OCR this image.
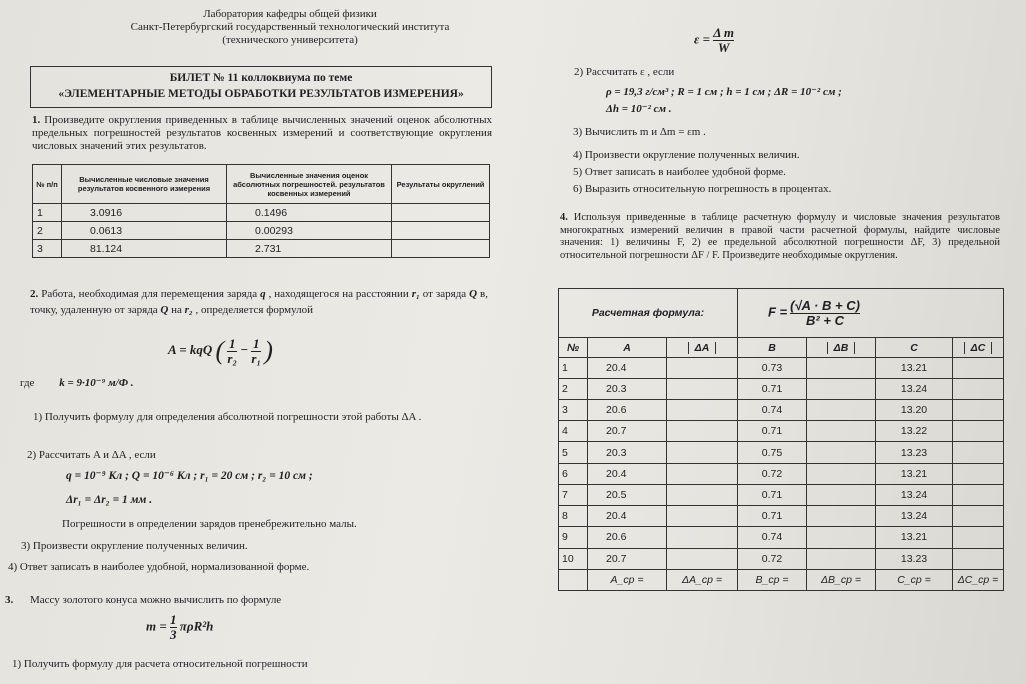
Лаборатория кафедры общей физики
Санкт-Петербургский государственный технологический института
(технического университета)
БИЛЕТ № 11 коллоквиума по теме
«ЭЛЕМЕНТАРНЫЕ МЕТОДЫ ОБРАБОТКИ РЕЗУЛЬТАТОВ ИЗМЕРЕНИЯ»
1. Произведите округления приведенных в таблице вычисленных значений оценок абсолютных предельных погрешностей результатов косвенных измерений и соответствующие округления числовых значений этих результатов.
№ п/п	Вычисленные числовые значения результатов косвенного измерения	Вычисленные значения оценок абсолютных погрешностей. результатов косвенных измерений	Результаты округлений
1	3.0916	0.1496	
2	0.0613	0.00293	
3	81.124	2.731	
2. Работа, необходимая для перемещения заряда q , находящегося на расстоянии r₁ от заряда Q в, точку, удаленную от заряда Q на r₂ , определяется формулой
A = kqQ ( $\frac{1}{\text{r₂}} - \frac{1}{\text{r₁}}$ )
где k = 9·10⁻⁹ м/Ф .
1) Получить формулу для определения абсолютной погрешности этой работы ΔA .
2) Рассчитать A и ΔA , если
q = 10⁻⁹ Кл ; Q = 10⁻⁶ Кл ; r₁ = 20 см ; r₂ = 10 см ;
Δr₁ = Δr₂ = 1 мм .
Погрешности в определении зарядов пренебрежительно малы.
3) Произвести округление полученных величин.
4) Ответ записать в наиболее удобной, нормализованной форме.
3. Массу золотого конуса можно вычислить по формуле
$m = \frac{1}{3} \pi\rho R^2h$
1) Получить формулу для расчета относительной погрешности
$\varepsilon = \frac{\text{Δ m}}{W}$
2) Рассчитать ε , если
ρ = 19,3 г/см³ ; R = 1 см ; h = 1 см ; ΔR = 10⁻² см ;
Δh = 10⁻² см .
3) Вычислить m и Δm = εm .
4) Произвести округление полученных величин.
5) Ответ записать в наиболее удобной форме.
6) Выразить относительную погрешность в процентах.
4. Используя приведенные в таблице расчетную формулу и числовые значения результатов многократных измерений величин в правой части расчетной формулы, найдите числовые значения: 1) величины F, 2) ее предельной абсолютной погрешности ΔF, 3) предельной относительной погрешности ΔF / F. Произведите необходимые округления.
Расчетная формула:			$F = \frac{(√A \cdot B + C)}{\text{B² + C}}$

№	A	ΔA	B	ΔB	C	ΔC
1	20.4		0.73		13.21	
2	20.3		0.71		13.24	
3	20.6		0.74		13.20	
4	20.7		0.71		13.22	
5	20.3		0.75		13.23	
6	20.4		0.72		13.21	
7	20.5		0.71		13.24	
8	20.4		0.71		13.24	
9	20.6		0.74		13.21	
10	20.7		0.72		13.23	
	A_ср =	ΔA_ср =	B_ср =	ΔB_ср =	C_ср =	ΔC_ср =
